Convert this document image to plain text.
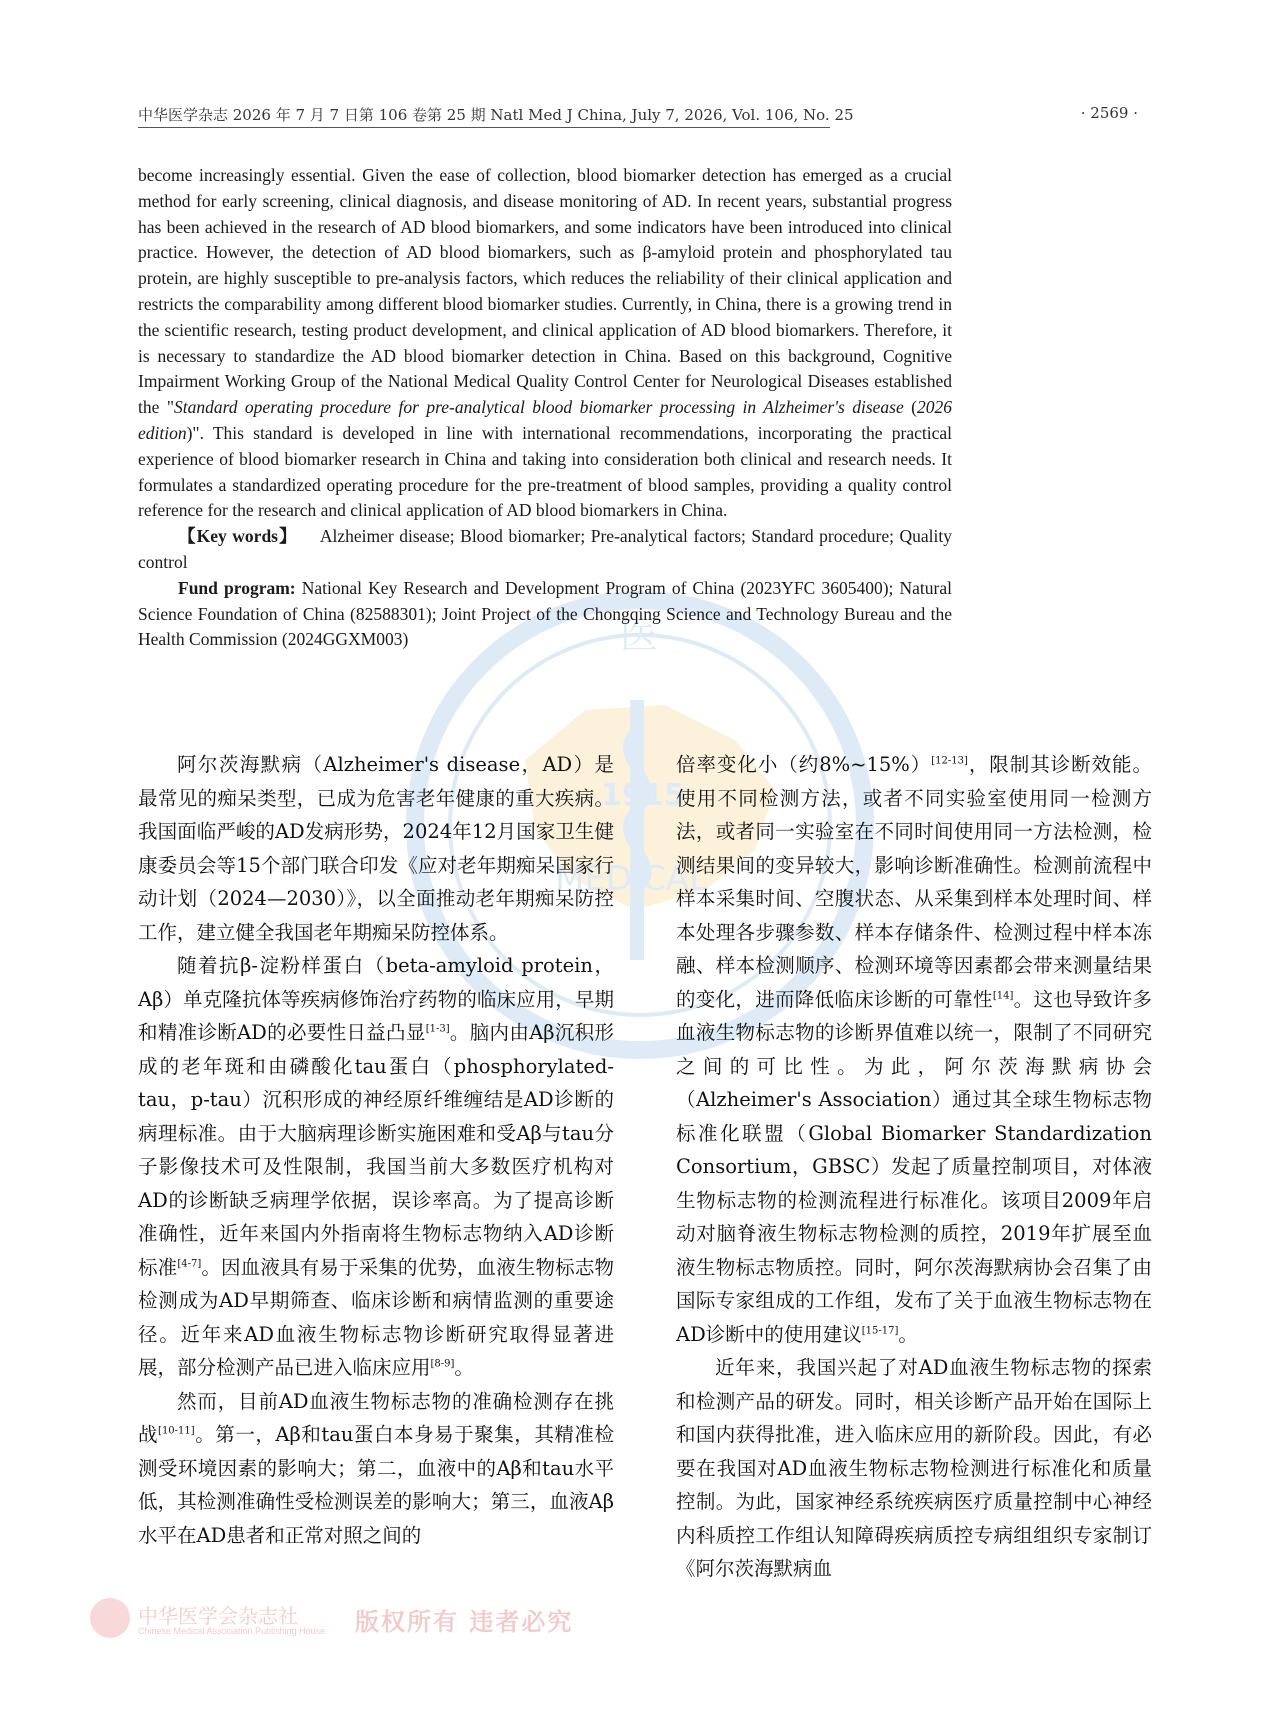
中华医学杂志 2026 年 7 月 7 日第 106 卷第 25 期 Natl Med J China, July 7, 2026, Vol. 106, No. 25	· 2569 ·
医
1915
MEDICAL

become increasingly essential. Given the ease of collection, blood biomarker detection has emerged as a crucial method for early screening, clinical diagnosis, and disease monitoring of AD. In recent years, substantial progress has been achieved in the research of AD blood biomarkers, and some indicators have been introduced into clinical practice. However, the detection of AD blood biomarkers, such as β-amyloid protein and phosphorylated tau protein, are highly susceptible to pre-analysis factors, which reduces the reliability of their clinical application and restricts the comparability among different blood biomarker studies. Currently, in China, there is a growing trend in the scientific research, testing product development, and clinical application of AD blood biomarkers. Therefore, it is necessary to standardize the AD blood biomarker detection in China. Based on this background, Cognitive Impairment Working Group of the National Medical Quality Control Center for Neurological Diseases established the "Standard operating procedure for pre-analytical blood biomarker processing in Alzheimer's disease (2026 edition)". This standard is developed in line with international recommendations, incorporating the practical experience of blood biomarker research in China and taking into consideration both clinical and research needs. It formulates a standardized operating procedure for the pre-treatment of blood samples, providing a quality control reference for the research and clinical application of AD blood biomarkers in China.

【Key words】 Alzheimer disease; Blood biomarker; Pre-analytical factors; Standard procedure; Quality control

Fund program: National Key Research and Development Program of China (2023YFC 3605400); Natural Science Foundation of China (82588301); Joint Project of the Chongqing Science and Technology Bureau and the Health Commission (2024GGXM003)

阿尔茨海默病（Alzheimer's disease，AD）是最常见的痴呆类型，已成为危害老年健康的重大疾病。我国面临严峻的AD发病形势，2024年12月国家卫生健康委员会等15个部门联合印发《应对老年期痴呆国家行动计划（2024—2030）》，以全面推动老年期痴呆防控工作，建立健全我国老年期痴呆防控体系。

随着抗β-淀粉样蛋白（beta-amyloid protein，Aβ）单克隆抗体等疾病修饰治疗药物的临床应用，早期和精准诊断AD的必要性日益凸显[1-3]。脑内由Aβ沉积形成的老年斑和由磷酸化tau蛋白（phosphorylated-tau，p-tau）沉积形成的神经原纤维缠结是AD诊断的病理标准。由于大脑病理诊断实施困难和受Aβ与tau分子影像技术可及性限制，我国当前大多数医疗机构对AD的诊断缺乏病理学依据，误诊率高。为了提高诊断准确性，近年来国内外指南将生物标志物纳入AD诊断标准[4-7]。因血液具有易于采集的优势，血液生物标志物检测成为AD早期筛查、临床诊断和病情监测的重要途径。近年来AD血液生物标志物诊断研究取得显著进展，部分检测产品已进入临床应用[8-9]。

然而，目前AD血液生物标志物的准确检测存在挑战[10-11]。第一，Aβ和tau蛋白本身易于聚集，其精准检测受环境因素的影响大；第二，血液中的Aβ和tau水平低，其检测准确性受检测误差的影响大；第三，血液Aβ水平在AD患者和正常对照之间的

倍率变化小（约8%~15%）[12-13]，限制其诊断效能。使用不同检测方法，或者不同实验室使用同一检测方法，或者同一实验室在不同时间使用同一方法检测，检测结果间的变异较大，影响诊断准确性。检测前流程中样本采集时间、空腹状态、从采集到样本处理时间、样本处理各步骤参数、样本存储条件、检测过程中样本冻融、样本检测顺序、检测环境等因素都会带来测量结果的变化，进而降低临床诊断的可靠性[14]。这也导致许多血液生物标志物的诊断界值难以统一，限制了不同研究之间的可比性。为此，阿尔茨海默病协会（Alzheimer's Association）通过其全球生物标志物标准化联盟（Global Biomarker Standardization Consortium，GBSC）发起了质量控制项目，对体液生物标志物的检测流程进行标准化。该项目2009年启动对脑脊液生物标志物检测的质控，2019年扩展至血液生物标志物质控。同时，阿尔茨海默病协会召集了由国际专家组成的工作组，发布了关于血液生物标志物在AD诊断中的使用建议[15-17]。

近年来，我国兴起了对AD血液生物标志物的探索和检测产品的研发。同时，相关诊断产品开始在国际上和国内获得批准，进入临床应用的新阶段。因此，有必要在我国对AD血液生物标志物检测进行标准化和质量控制。为此，国家神经系统疾病医疗质量控制中心神经内科质控工作组认知障碍疾病质控专病组组织专家制订《阿尔茨海默病血

中华医学会杂志社
Chinese Medical Association Publishing House 版权所有 违者必究
